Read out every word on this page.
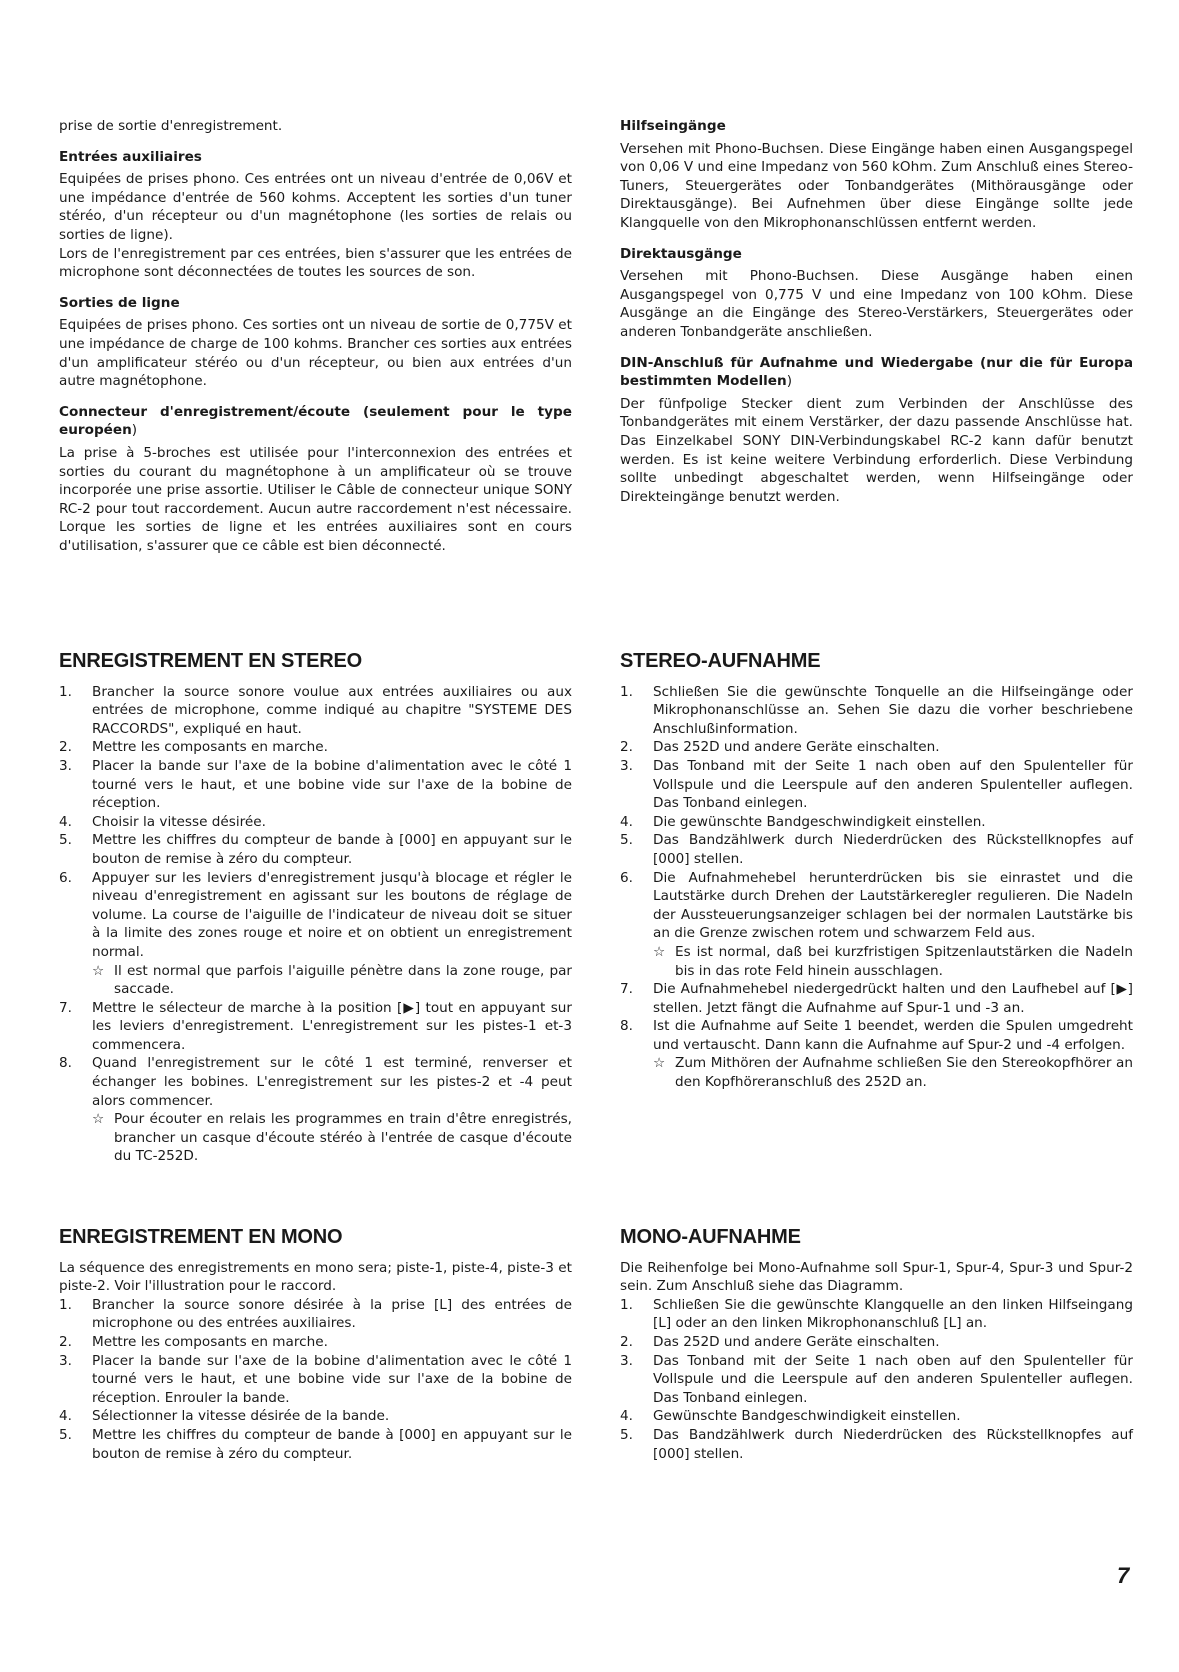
prise de sortie d'enregistrement.

Entrées auxiliaires

Equipées de prises phono. Ces entrées ont un niveau d'entrée de 0,06V et une impédance d'entrée de 560 kohms. Acceptent les sorties d'un tuner stéréo, d'un récepteur ou d'un magnétophone (les sorties de relais ou sorties de ligne).

Lors de l'enregistrement par ces entrées, bien s'assurer que les entrées de microphone sont déconnectées de toutes les sources de son.

Sorties de ligne

Equipées de prises phono. Ces sorties ont un niveau de sortie de 0,775V et une impédance de charge de 100 kohms. Brancher ces sorties aux entrées d'un amplificateur stéréo ou d'un récepteur, ou bien aux entrées d'un autre magnétophone.

Connecteur d'enregistrement/écoute (seulement pour le type européen)

La prise à 5-broches est utilisée pour l'interconnexion des entrées et sorties du courant du magnétophone à un amplificateur où se trouve incorporée une prise assortie. Utiliser le Câble de connecteur unique SONY RC-2 pour tout raccordement. Aucun autre raccordement n'est nécessaire. Lorque les sorties de ligne et les entrées auxiliaires sont en cours d'utilisation, s'assurer que ce câble est bien déconnecté.

ENREGISTREMENT EN STEREO
1.	Brancher la source sonore voulue aux entrées auxiliaires ou aux entrées de microphone, comme indiqué au chapitre "SYSTEME DES RACCORDS", expliqué en haut.
2.	Mettre les composants en marche.
3.	Placer la bande sur l'axe de la bobine d'alimentation avec le côté 1 tourné vers le haut, et une bobine vide sur l'axe de la bobine de réception.
4.	Choisir la vitesse désirée.
5.	Mettre les chiffres du compteur de bande à [000] en appuyant sur le bouton de remise à zéro du compteur.
6.	Appuyer sur les leviers d'enregistrement jusqu'à blocage et régler le niveau d'enregistrement en agissant sur les boutons de réglage de volume. La course de l'aiguille de l'indicateur de niveau doit se situer à la limite des zones rouge et noire et on obtient un enregistrement normal.
☆ Il est normal que parfois l'aiguille pénètre dans la zone rouge, par saccade.
7.	Mettre le sélecteur de marche à la position [▶] tout en appuyant sur les leviers d'enregistrement. L'enregistrement sur les pistes-1 et-3 commencera.
8.	Quand l'enregistrement sur le côté 1 est terminé, renverser et échanger les bobines. L'enregistrement sur les pistes-2 et -4 peut alors commencer.
☆ Pour écouter en relais les programmes en train d'être enregistrés, brancher un casque d'écoute stéréo à l'entrée de casque d'écoute du TC-252D.
ENREGISTREMENT EN MONO

La séquence des enregistrements en mono sera; piste-1, piste-4, piste-3 et piste-2. Voir l'illustration pour le raccord.

1.	Brancher la source sonore désirée à la prise [L] des entrées de microphone ou des entrées auxiliaires.
2.	Mettre les composants en marche.
3.	Placer la bande sur l'axe de la bobine d'alimentation avec le côté 1 tourné vers le haut, et une bobine vide sur l'axe de la bobine de réception. Enrouler la bande.
4.	Sélectionner la vitesse désirée de la bande.
5.	Mettre les chiffres du compteur de bande à [000] en appuyant sur le bouton de remise à zéro du compteur.

Hilfseingänge

Versehen mit Phono-Buchsen. Diese Eingänge haben einen Ausgangspegel von 0,06 V und eine Impedanz von 560 kOhm. Zum Anschluß eines Stereo-Tuners, Steuergerätes oder Tonbandgerätes (Mithörausgänge oder Direktausgänge). Bei Aufnehmen über diese Eingänge sollte jede Klangquelle von den Mikrophonanschlüssen entfernt werden.

Direktausgänge

Versehen mit Phono-Buchsen. Diese Ausgänge haben einen Ausgangspegel von 0,775 V und eine Impedanz von 100 kOhm. Diese Ausgänge an die Eingänge des Stereo-Verstärkers, Steuergerätes oder anderen Tonbandgeräte anschließen.

DIN-Anschluß für Aufnahme und Wiedergabe (nur die für Europa bestimmten Modellen)

Der fünfpolige Stecker dient zum Verbinden der Anschlüsse des Tonbandgerätes mit einem Verstärker, der dazu passende Anschlüsse hat. Das Einzelkabel SONY DIN-Verbindungskabel RC-2 kann dafür benutzt werden. Es ist keine weitere Verbindung erforderlich. Diese Verbindung sollte unbedingt abgeschaltet werden, wenn Hilfseingänge oder Direkteingänge benutzt werden.

STEREO-AUFNAHME
1.	Schließen Sie die gewünschte Tonquelle an die Hilfseingänge oder Mikrophonanschlüsse an. Sehen Sie dazu die vorher beschriebene Anschlußinformation.
2.	Das 252D und andere Geräte einschalten.
3.	Das Tonband mit der Seite 1 nach oben auf den Spulenteller für Vollspule und die Leerspule auf den anderen Spulenteller auflegen. Das Tonband einlegen.
4.	Die gewünschte Bandgeschwindigkeit einstellen.
5.	Das Bandzählwerk durch Niederdrücken des Rückstellknopfes auf [000] stellen.
6.	Die Aufnahmehebel herunterdrücken bis sie einrastet und die Lautstärke durch Drehen der Lautstärkeregler regulieren. Die Nadeln der Aussteuerungsanzeiger schlagen bei der normalen Lautstärke bis an die Grenze zwischen rotem und schwarzem Feld aus.
☆ Es ist normal, daß bei kurzfristigen Spitzenlautstärken die Nadeln bis in das rote Feld hinein ausschlagen.
7.	Die Aufnahmehebel niedergedrückt halten und den Laufhebel auf [▶] stellen. Jetzt fängt die Aufnahme auf Spur-1 und -3 an.
8.	Ist die Aufnahme auf Seite 1 beendet, werden die Spulen umgedreht und vertauscht. Dann kann die Aufnahme auf Spur-2 und -4 erfolgen.
☆ Zum Mithören der Aufnahme schließen Sie den Stereokopfhörer an den Kopfhöreranschluß des 252D an.
MONO-AUFNAHME

Die Reihenfolge bei Mono-Aufnahme soll Spur-1, Spur-4, Spur-3 und Spur-2 sein. Zum Anschluß siehe das Diagramm.

1.	Schließen Sie die gewünschte Klangquelle an den linken Hilfseingang [L] oder an den linken Mikrophonanschluß [L] an.
2.	Das 252D und andere Geräte einschalten.
3.	Das Tonband mit der Seite 1 nach oben auf den Spulenteller für Vollspule und die Leerspule auf den anderen Spulenteller auflegen. Das Tonband einlegen.
4.	Gewünschte Bandgeschwindigkeit einstellen.
5.	Das Bandzählwerk durch Niederdrücken des Rückstellknopfes auf [000] stellen.
7
